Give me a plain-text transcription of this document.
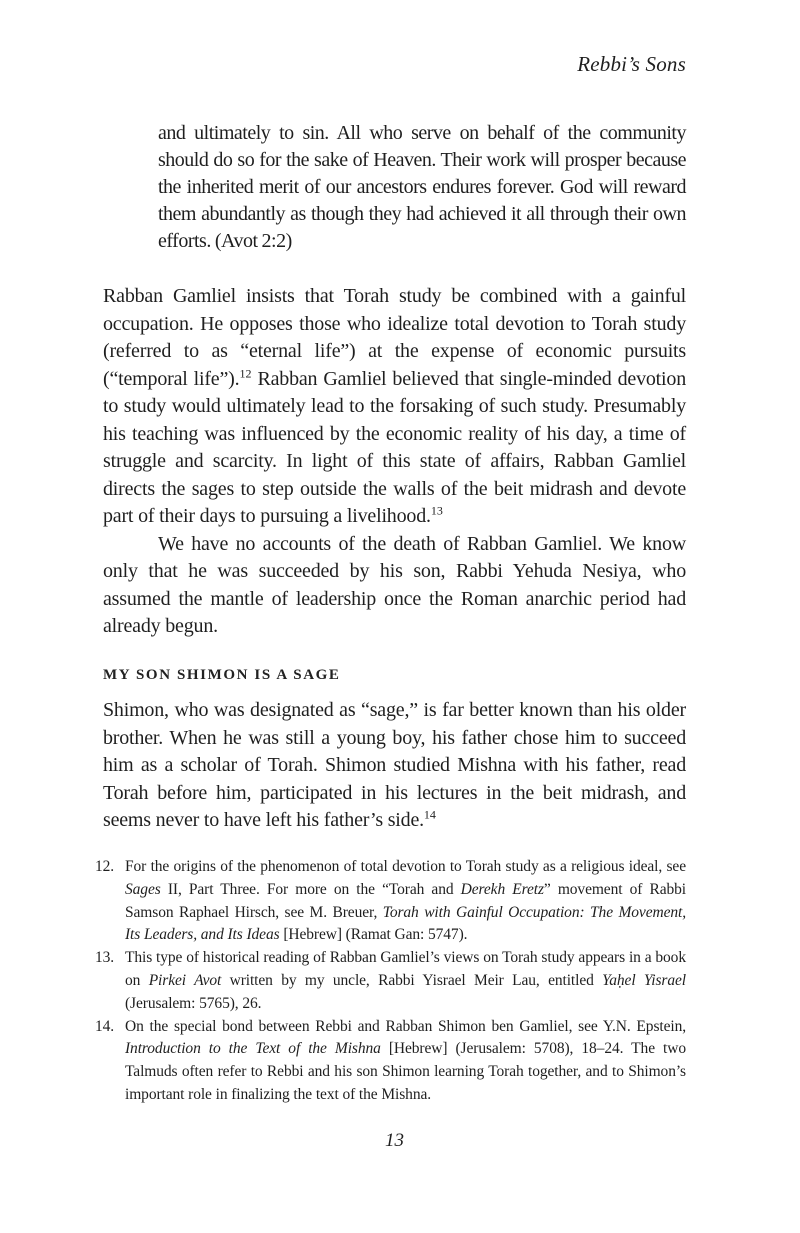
Rebbi’s Sons
and ultimately to sin. All who serve on behalf of the community should do so for the sake of Heaven. Their work will prosper because the inherited merit of our ancestors endures forever. God will reward them abundantly as though they had achieved it all through their own efforts. (Avot 2:2)

Rabban Gamliel insists that Torah study be combined with a gainful occupation. He opposes those who idealize total devotion to Torah study (referred to as “eternal life”) at the expense of economic pursuits (“temporal life”).$^{12}$ Rabban Gamliel believed that single-minded devotion to study would ultimately lead to the forsaking of such study. Presumably his teaching was influenced by the economic reality of his day, a time of struggle and scarcity. In light of this state of affairs, Rabban Gamliel directs the sages to step outside the walls of the beit midrash and devote part of their days to pursuing a livelihood.$^{13}$

We have no accounts of the death of Rabban Gamliel. We know only that he was succeeded by his son, Rabbi Yehuda Nesiya, who assumed the mantle of leadership once the Roman anarchic period had already begun.

MY SON SHIMON IS A SAGE

Shimon, who was designated as “sage,” is far better known than his older brother. When he was still a young boy, his father chose him to succeed him as a scholar of Torah. Shimon studied Mishna with his father, read Torah before him, participated in his lectures in the beit midrash, and seems never to have left his father’s side.$^{14}$

12. For the origins of the phenomenon of total devotion to Torah study as a religious ideal, see Sages II, Part Three. For more on the “Torah and Derekh Eretz” movement of Rabbi Samson Raphael Hirsch, see M. Breuer, Torah with Gainful Occupation: The Movement, Its Leaders, and Its Ideas [Hebrew] (Ramat Gan: 5747).
13. This type of historical reading of Rabban Gamliel’s views on Torah study appears in a book on Pirkei Avot written by my uncle, Rabbi Yisrael Meir Lau, entitled Yaḥel Yisrael (Jerusalem: 5765), 26.
14. On the special bond between Rebbi and Rabban Shimon ben Gamliel, see Y.N. Epstein, Introduction to the Text of the Mishna [Hebrew] (Jerusalem: 5708), 18–24. The two Talmuds often refer to Rebbi and his son Shimon learning Torah together, and to Shimon’s important role in finalizing the text of the Mishna.
13
